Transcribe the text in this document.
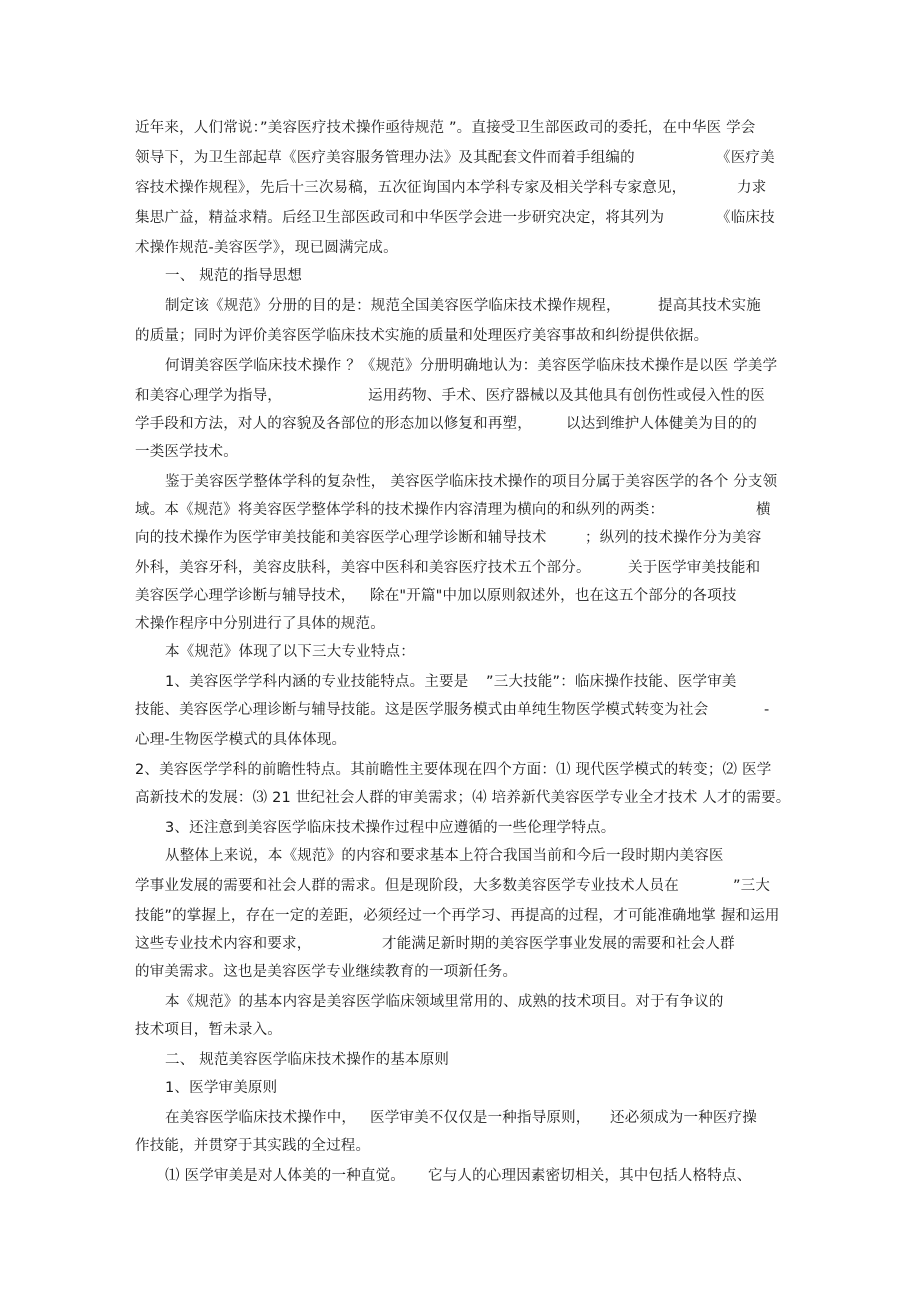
近年来，人们常说：”美容医疗技术操作亟待规范 ”。直接受卫生部医政司的委托，在中华医 学会
领导下，为卫生部起草《医疗美容服务管理办法》及其配套文件而着手组编的	《医疗美
容技术操作规程》，先后十三次易稿，五次征询国内本学科专家及相关学科专家意见，	力求
集思广益，精益求精。后经卫生部医政司和中华医学会进一步研究决定，将其列为	《临床技
术操作规范-美容医学》，现已圆满完成。
一、 规范的指导思想
制定该《规范》分册的目的是：规范全国美容医学临床技术操作规程，	提高其技术实施
的质量；同时为评价美容医学临床技术实施的质量和处理医疗美容事故和纠纷提供依据。
何谓美容医学临床技术操作 ？《规范》分册明确地认为：美容医学临床技术操作是以医 学美学
和美容心理学为指导，	运用药物、手术、医疗器械以及其他具有创伤性或侵入性的医
学手段和方法，对人的容貌及各部位的形态加以修复和再塑， 以达到维护人体健美为目的的
一类医学技术。
鉴于美容医学整体学科的复杂性， 美容医学临床技术操作的项目分属于美容医学的各个 分支领
域。本《规范》将美容医学整体学科的技术操作内容清理为横向的和纵列的两类：	横
向的技术操作为医学审美技能和美容医学心理学诊断和辅导技术	；纵列的技术操作分为美容
外科，美容牙科，美容皮肤科，美容中医科和美容医疗技术五个部分。	关于医学审美技能和
美容医学心理学诊断与辅导技术， 除在"开篇"中加以原则叙述外，也在这五个部分的各项技
术操作程序中分别进行了具体的规范。
本《规范》体现了以下三大专业特点：
1、美容医学学科内涵的专业技能特点。主要是 ”三大技能”：临床操作技能、医学审美
技能、美容医学心理诊断与辅导技能。这是医学服务模式由单纯生物医学模式转变为社会	-
心理-生物医学模式的具体体现。
2、美容医学学科的前瞻性特点。其前瞻性主要体现在四个方面：⑴ 现代医学模式的转变；⑵ 医学
高新技术的发展：⑶ 21 世纪社会人群的审美需求；⑷ 培养新代美容医学专业全才技术 人才的需要。
3、还注意到美容医学临床技术操作过程中应遵循的一些伦理学特点。
从整体上来说，本《规范》的内容和要求基本上符合我国当前和今后一段时期内美容医
学事业发展的需要和社会人群的需求。但是现阶段，大多数美容医学专业技术人员在	”三大
技能”的掌握上，存在一定的差距，必须经过一个再学习、再提高的过程，才可能准确地掌 握和运用
这些专业技术内容和要求，	才能满足新时期的美容医学事业发展的需要和社会人群
的审美需求。这也是美容医学专业继续教育的一项新任务。
本《规范》的基本内容是美容医学临床领域里常用的、成熟的技术项目。对于有争议的
技术项目，暂未录入。
二、 规范美容医学临床技术操作的基本原则
1、医学审美原则
在美容医学临床技术操作中， 医学审美不仅仅是一种指导原则， 还必须成为一种医疗操
作技能，并贯穿于其实践的全过程。
⑴ 医学审美是对人体美的一种直觉。 它与人的心理因素密切相关，其中包括人格特点、
